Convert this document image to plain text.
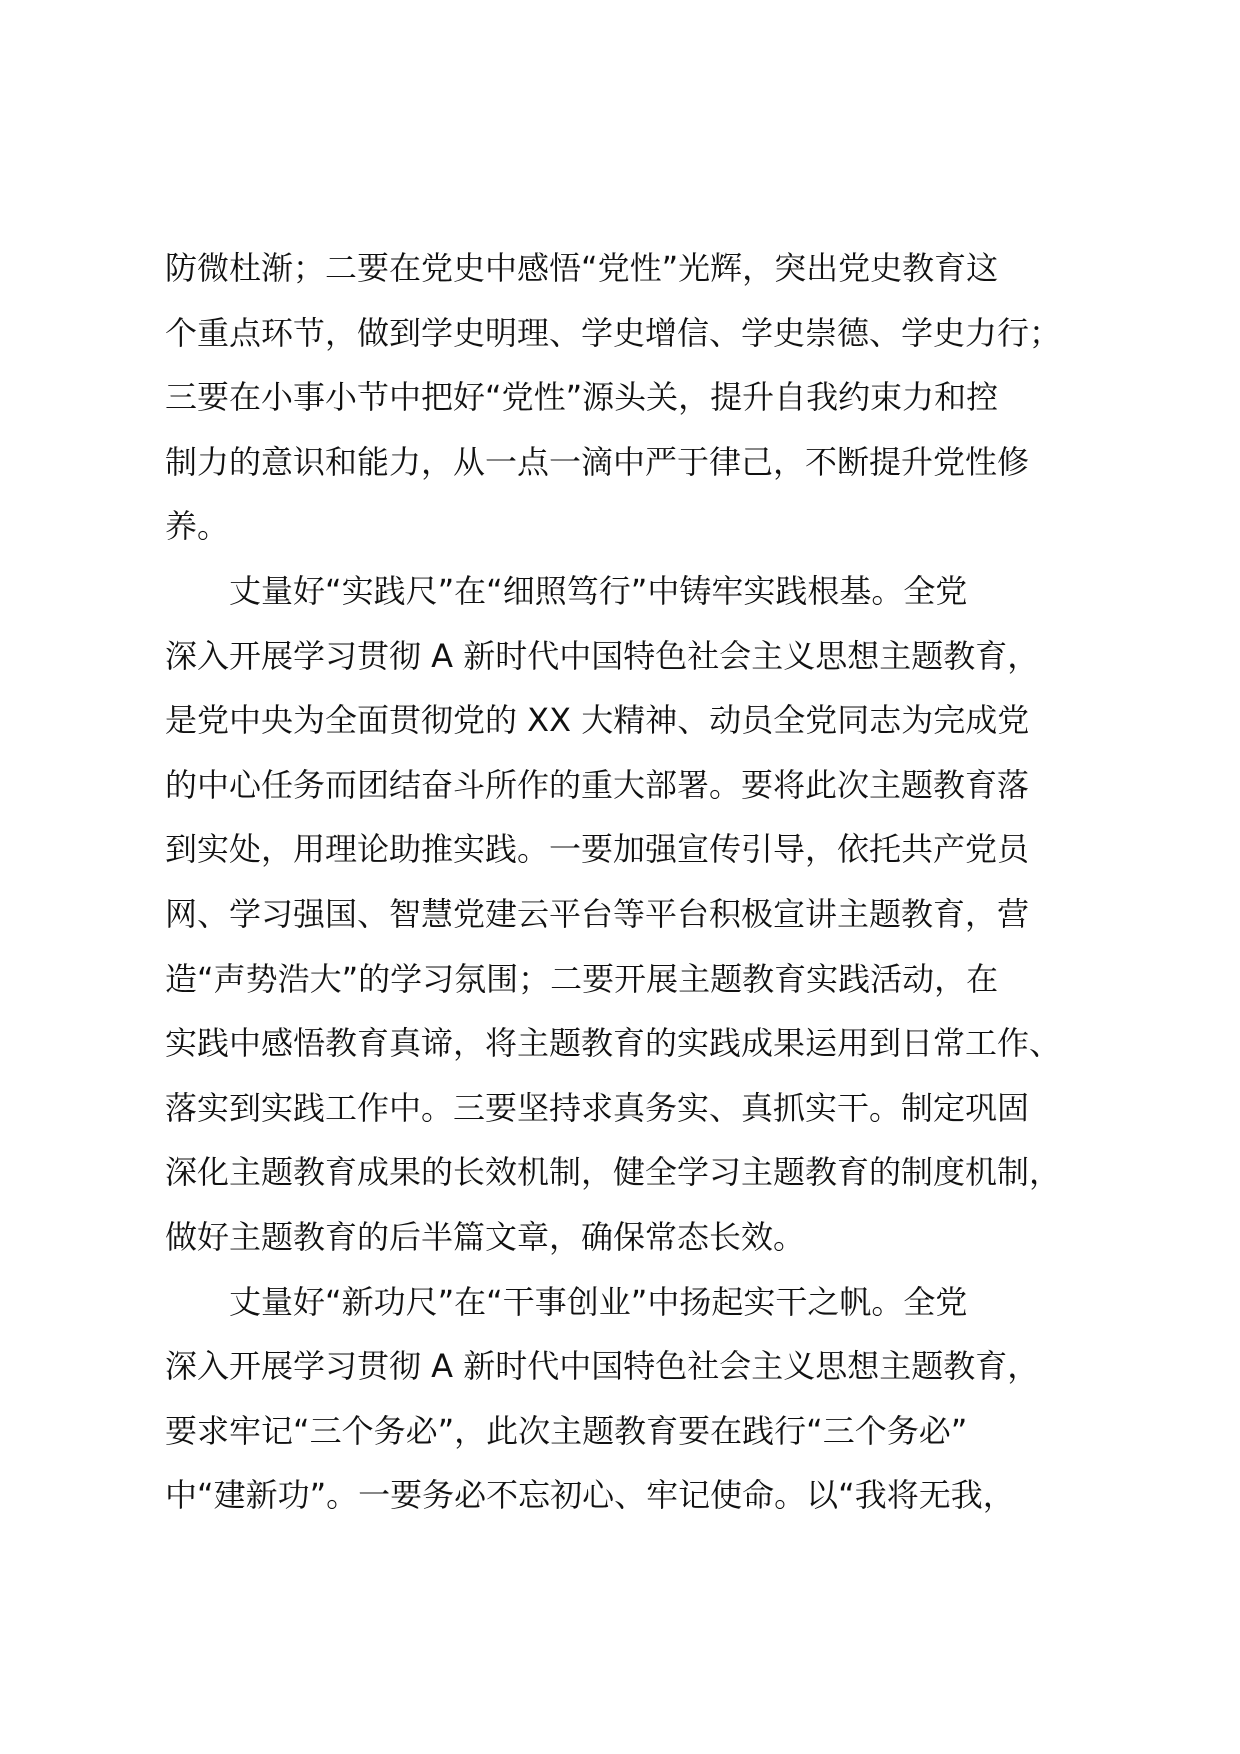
防微杜渐；二要在党史中感悟“党性”光辉，突出党史教育这
个重点环节，做到学史明理、学史增信、学史崇德、学史力行；
三要在小事小节中把好“党性”源头关，提升自我约束力和控
制力的意识和能力，从一点一滴中严于律己，不断提升党性修
养。
　　丈量好“实践尺”在“细照笃行”中铸牢实践根基。全党
深入开展学习贯彻 A 新时代中国特色社会主义思想主题教育，
是党中央为全面贯彻党的 XX 大精神、动员全党同志为完成党
的中心任务而团结奋斗所作的重大部署。要将此次主题教育落
到实处，用理论助推实践。一要加强宣传引导，依托共产党员
网、学习强国、智慧党建云平台等平台积极宣讲主题教育，营
造“声势浩大”的学习氛围；二要开展主题教育实践活动，在
实践中感悟教育真谛，将主题教育的实践成果运用到日常工作、
落实到实践工作中。三要坚持求真务实、真抓实干。制定巩固
深化主题教育成果的长效机制，健全学习主题教育的制度机制，
做好主题教育的后半篇文章，确保常态长效。
　　丈量好“新功尺”在“干事创业”中扬起实干之帆。全党
深入开展学习贯彻 A 新时代中国特色社会主义思想主题教育，
要求牢记“三个务必”，此次主题教育要在践行“三个务必”
中“建新功”。一要务必不忘初心、牢记使命。以“我将无我，
